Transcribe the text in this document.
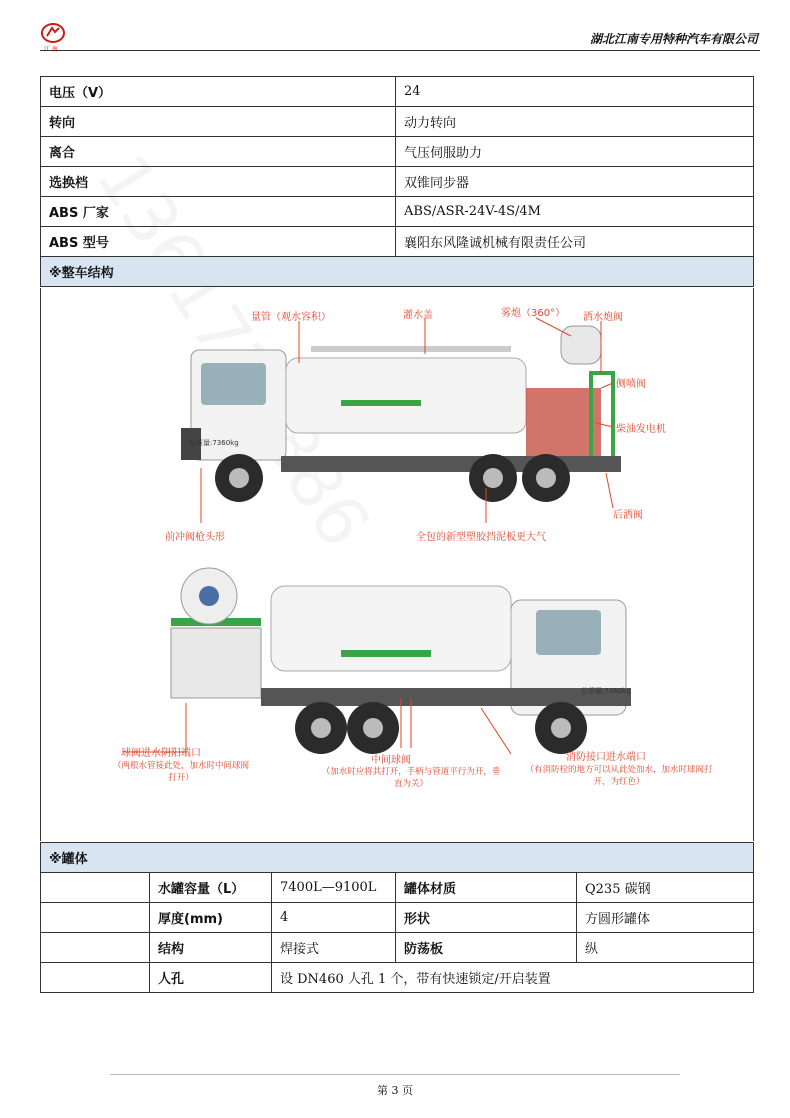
江 南
湖北江南专用特种汽车有限公司
电压（V）	24
转向	动力转向
离合	气压伺服助力
选换档	双锥同步器
ABS 厂家	ABS/ASR-24V-4S/4M
ABS 型号	襄阳东风隆诚机械有限责任公司
※整车结构	
量管（观水容积）	灌水盖	雾炮（360°） 洒水炮阀
侧喷阀
柴油发电机
后洒阀
前冲阀枪头形	全包的新型塑胶挡泥板更大气
总质量:7360kg
总质量:7360kg
球阀进水阴阳端口
（两根水管接此处，加水时中间球阀打开）
中间球阀
（加水时应将其打开，手柄与管道平行为开，垂直为关）
消防接口进水端口
（有消防栓的地方可以从此处加水，加水时球阀打开，为红色）
※罐体				
	水罐容量（L）	7400L—9100L	罐体材质	Q235 碳钢
	厚度(mm)	4	形状	方圆形罐体
	结构	焊接式	防荡板	纵
	人孔	设 DN460 人孔 1 个，带有快速锁定/开启装置		
第 3 页
